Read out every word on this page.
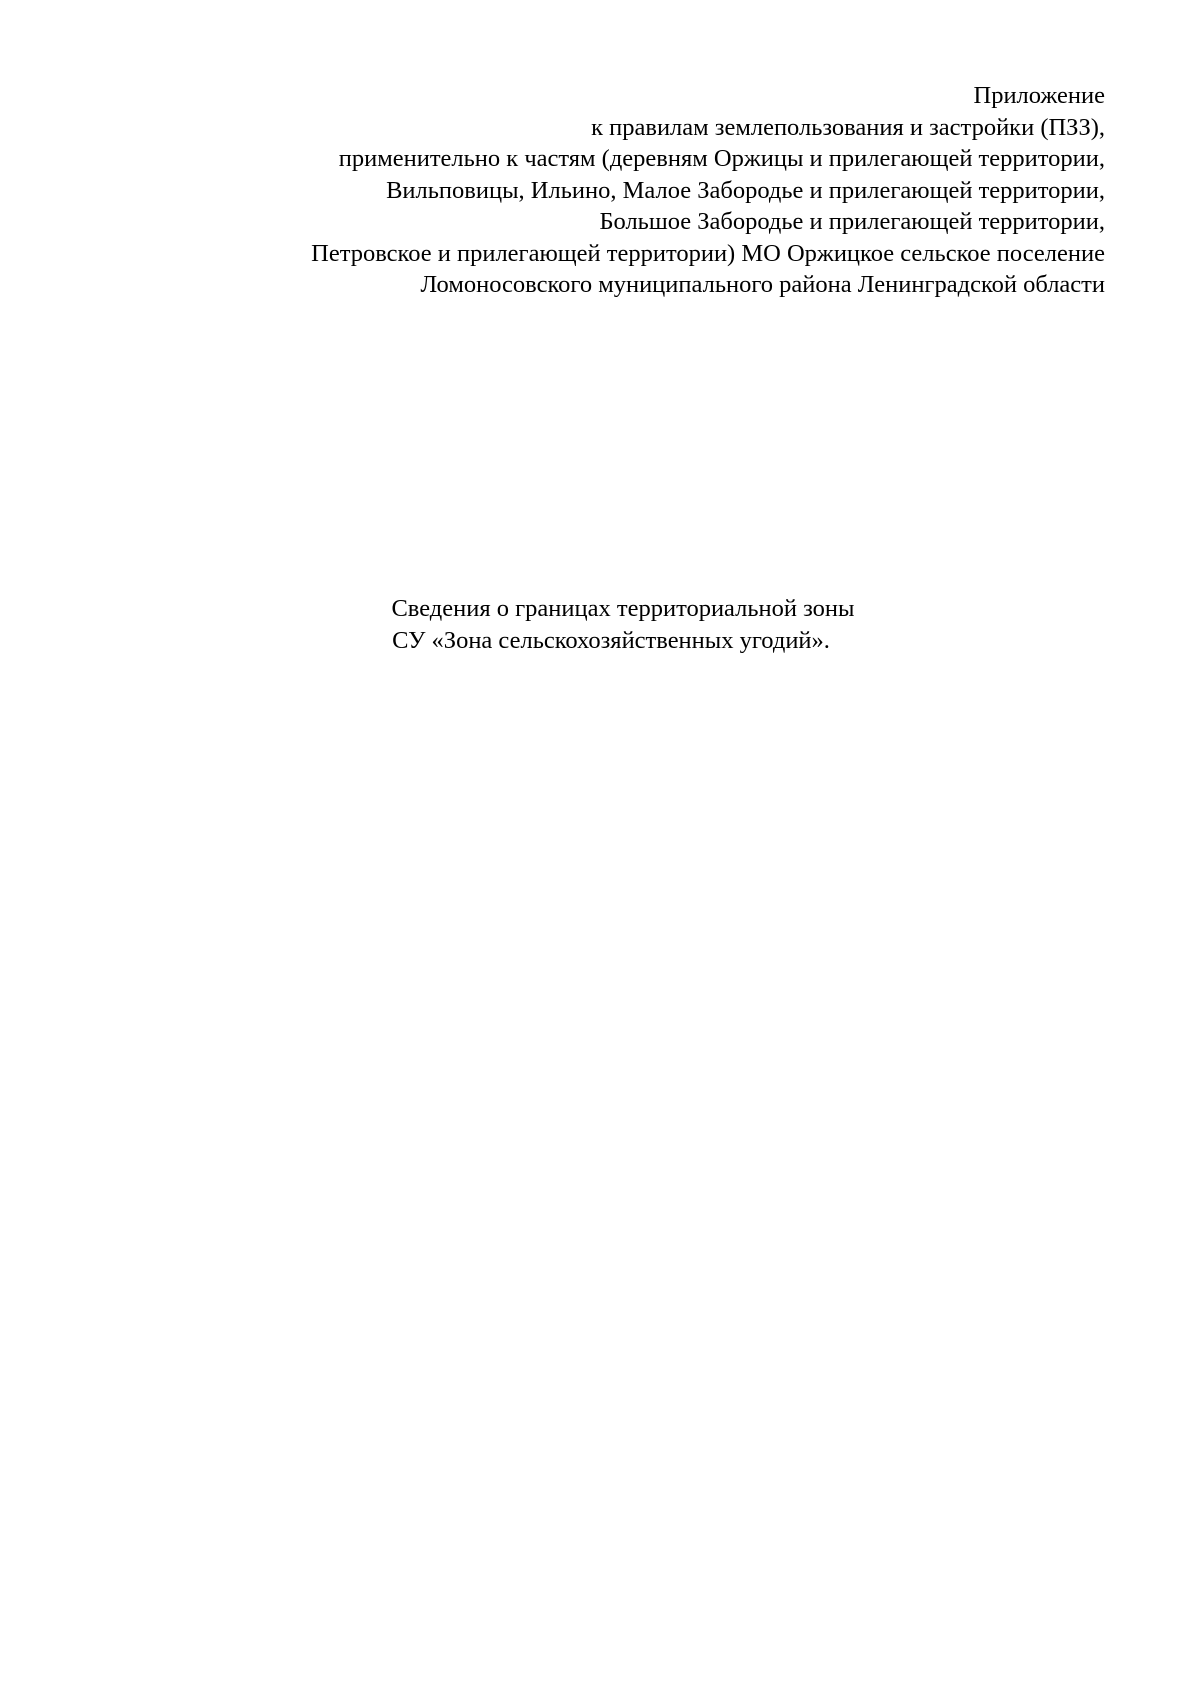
Приложение
к правилам землепользования и застройки (ПЗЗ),
применительно к частям (деревням Оржицы и прилегающей территории,
Вильповицы, Ильино, Малое Забородье и прилегающей территории,
Большое Забородье и прилегающей территории,
Петровское и прилегающей территории) МО Оржицкое сельское поселение
Ломоносовского муниципального района Ленинградской области
Сведения о границах территориальной зоны
СУ «Зона сельскохозяйственных угодий».
